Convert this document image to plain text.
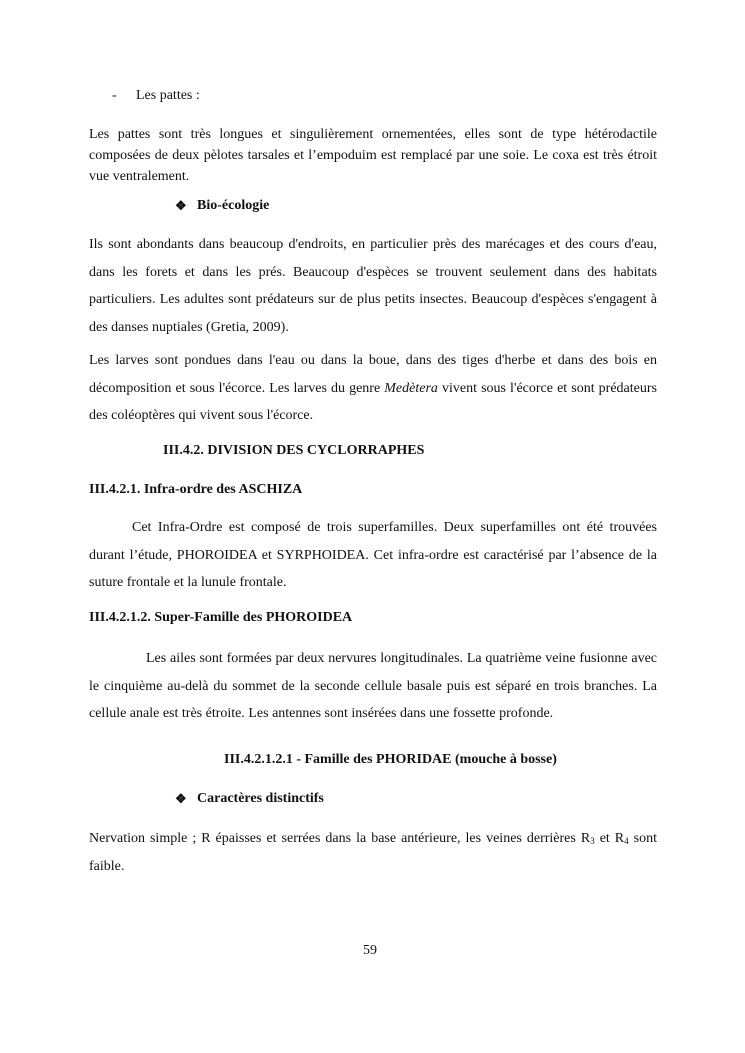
-	Les pattes :
Les pattes sont très longues et singulièrement ornementées, elles sont de type hétérodactile composées de deux pèlotes tarsales et l’empoduim est remplacé par une soie. Le coxa est très étroit vue ventralement.
❖ Bio-écologie
Ils sont abondants dans beaucoup d'endroits, en particulier près des marécages et des cours d'eau, dans les forets et dans les prés. Beaucoup d'espèces se trouvent seulement dans des habitats particuliers. Les adultes sont prédateurs sur de plus petits insectes. Beaucoup d'espèces s'engagent à des danses nuptiales (Gretia, 2009).
Les larves sont pondues dans l'eau ou dans la boue, dans des tiges d'herbe et dans des bois en décomposition et sous l'écorce. Les larves du genre Medètera vivent sous l'écorce et sont prédateurs des coléoptères qui vivent sous l'écorce.
III.4.2. DIVISION DES CYCLORRAPHES
III.4.2.1. Infra-ordre des ASCHIZA
Cet Infra-Ordre est composé de trois superfamilles. Deux superfamilles ont été trouvées durant l’étude, PHOROIDEA et SYRPHOIDEA. Cet infra-ordre est caractérisé par l’absence de la suture frontale et la lunule frontale.
III.4.2.1.2. Super-Famille des PHOROIDEA
Les ailes sont formées par deux nervures longitudinales. La quatrième veine fusionne avec le cinquième au-delà du sommet de la seconde cellule basale puis est séparé en trois branches. La cellule anale est très étroite. Les antennes sont insérées dans une fossette profonde.
III.4.2.1.2.1 - Famille des PHORIDAE (mouche à bosse)
❖ Caractères distinctifs
Nervation simple ; R épaisses et serrées dans la base antérieure, les veines derrières $R_3$ et $R_4$ sont faible.
59
